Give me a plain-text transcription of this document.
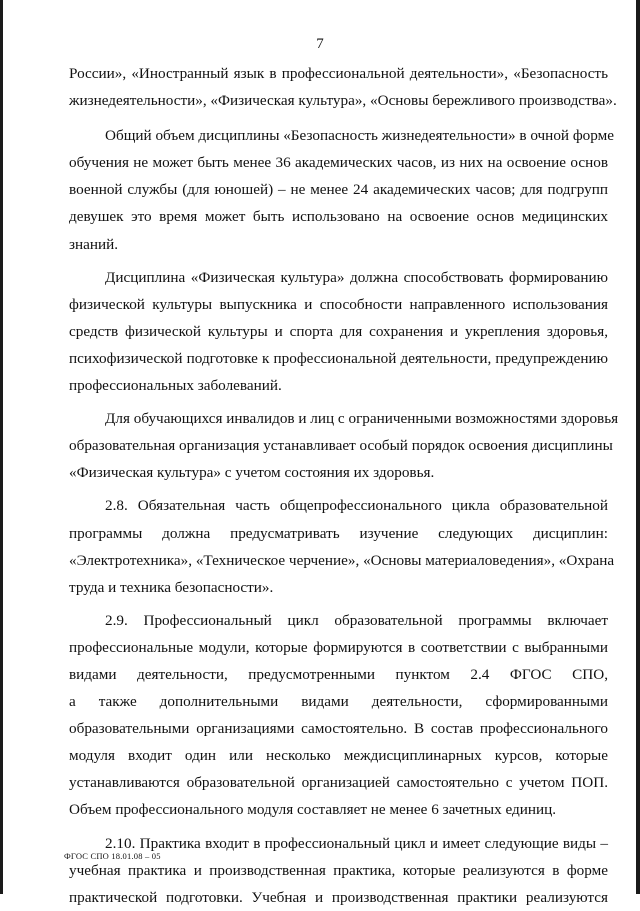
7

России», «Иностранный язык в профессиональной деятельности», «Безопасность
жизнедеятельности», «Физическая культура», «Основы бережливого производства».

Общий объем дисциплины «Безопасность жизнедеятельности» в очной форме
обучения не может быть менее 36 академических часов, из них на освоение основ
военной службы (для юношей) – не менее 24 академических часов; для подгрупп
девушек это время может быть использовано на освоение основ медицинских
знаний.

Дисциплина «Физическая культура» должна способствовать формированию
физической культуры выпускника и способности направленного использования
средств физической культуры и спорта для сохранения и укрепления здоровья,
психофизической подготовке к профессиональной деятельности, предупреждению
профессиональных заболеваний.

Для обучающихся инвалидов и лиц с ограниченными возможностями здоровья
образовательная организация устанавливает особый порядок освоения дисциплины
«Физическая культура» с учетом состояния их здоровья.

2.8. Обязательная часть общепрофессионального цикла образовательной
программы должна предусматривать изучение следующих дисциплин:
«Электротехника», «Техническое черчение», «Основы материаловедения», «Охрана
труда и техника безопасности».

2.9. Профессиональный цикл образовательной программы включает
профессиональные модули, которые формируются в соответствии с выбранными
видами деятельности, предусмотренными пунктом 2.4 ФГОС СПО,
а также дополнительными видами деятельности, сформированными
образовательными организациями самостоятельно. В состав профессионального
модуля входит один или несколько междисциплинарных курсов, которые
устанавливаются образовательной организацией самостоятельно с учетом ПОП.
Объем профессионального модуля составляет не менее 6 зачетных единиц.

2.10. Практика входит в профессиональный цикл и имеет следующие виды –
учебная практика и производственная практика, которые реализуются в форме
практической подготовки. Учебная и производственная практики реализуются

ФГОС СПО 18.01.08 – 05
